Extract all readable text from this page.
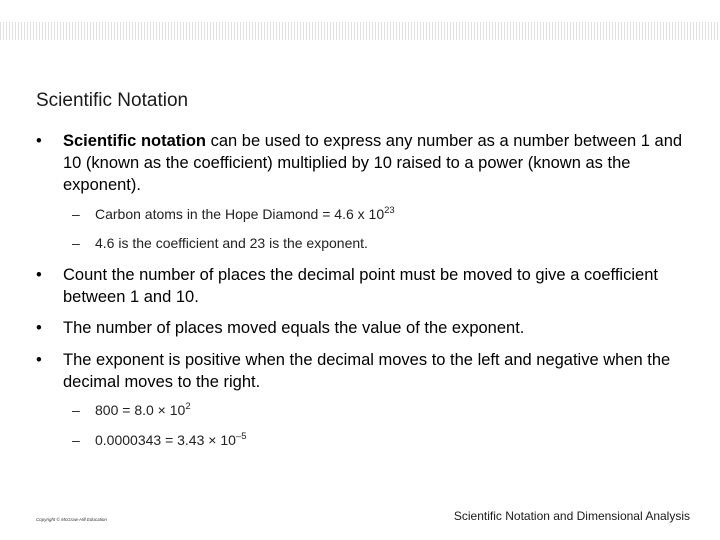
Scientific Notation
• Scientific notation can be used to express any number as a number between 1 and 10 (known as the coefficient) multiplied by 10 raised to a power (known as the exponent).
– Carbon atoms in the Hope Diamond = 4.6 x $10^{23}$
– 4.6 is the coefficient and 23 is the exponent.
• Count the number of places the decimal point must be moved to give a coefficient between 1 and 10.
• The number of places moved equals the value of the exponent.
• The exponent is positive when the decimal moves to the left and negative when the decimal moves to the right.
– $800 = 8.0 \times 10^2$
– $0.0000343 = 3.43 \times 10^{-5}$
Copyright © McGraw-Hill Education	Scientific Notation and Dimensional Analysis
